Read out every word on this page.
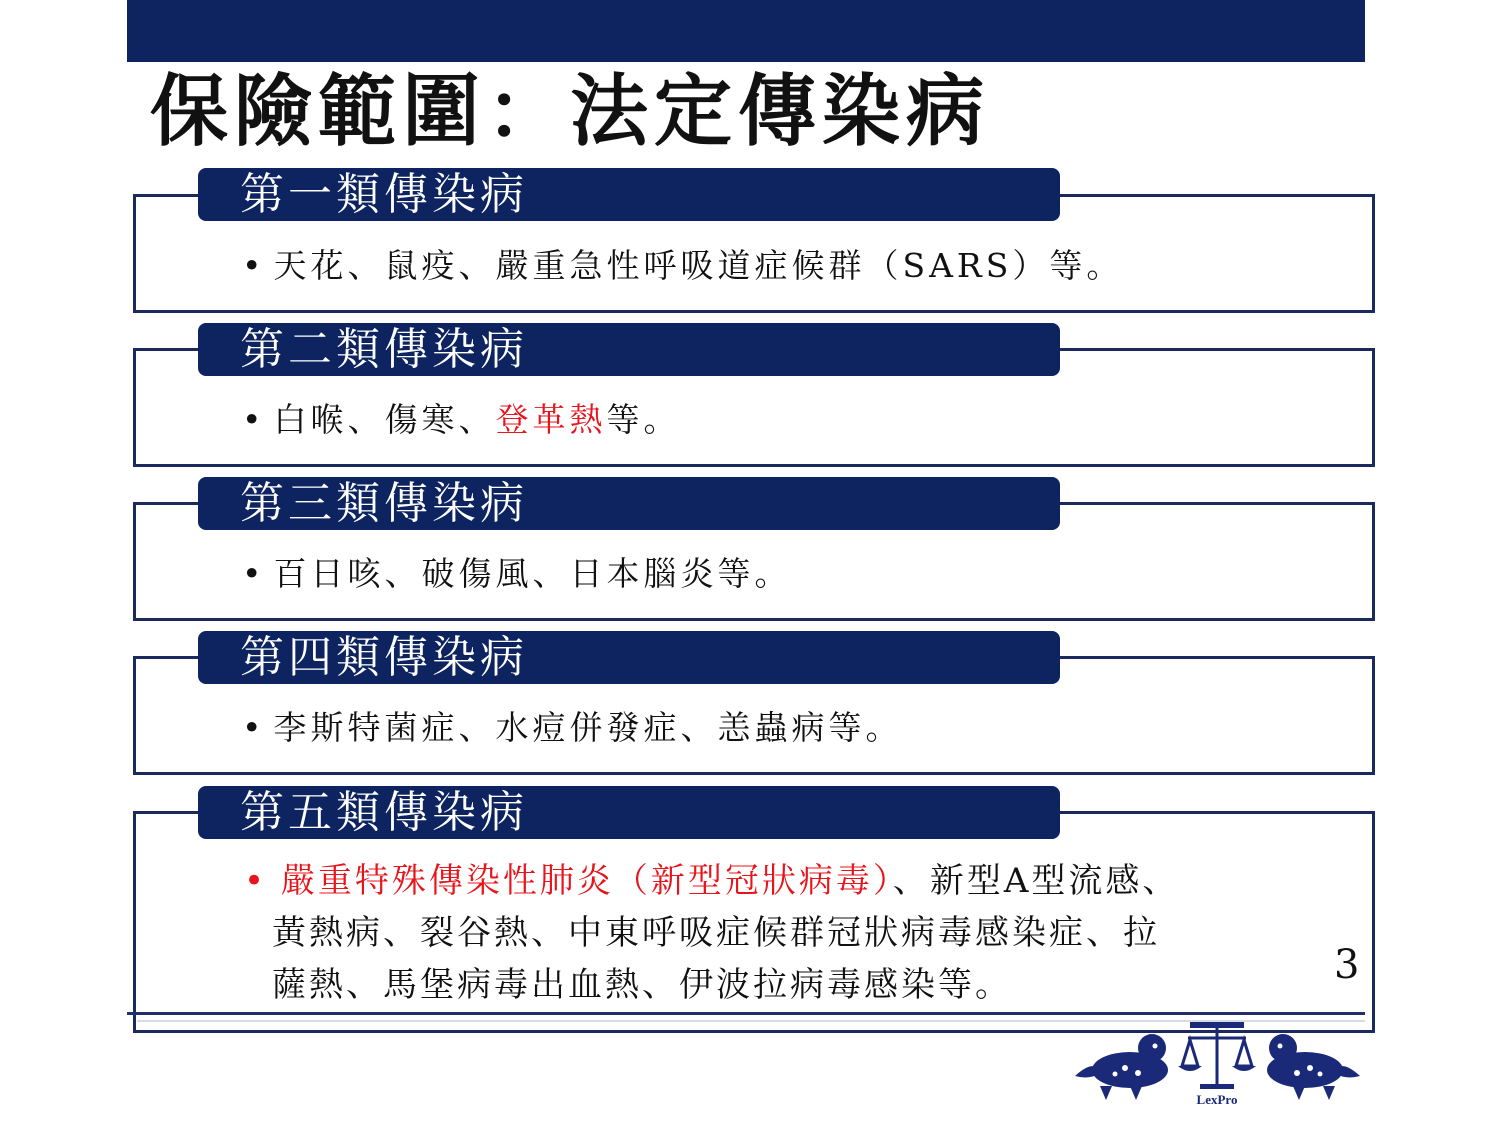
保險範圍：法定傳染病
第一類傳染病
• 天花、鼠疫、嚴重急性呼吸道症候群（SARS）等。
第二類傳染病
• 白喉、傷寒、登革熱等。
第三類傳染病
• 百日咳、破傷風、日本腦炎等。
第四類傳染病
• 李斯特菌症、水痘併發症、恙蟲病等。
第五類傳染病
• 嚴重特殊傳染性肺炎（新型冠狀病毒）、新型A型流感、
黃熱病、裂谷熱、中東呼吸症候群冠狀病毒感染症、拉
薩熱、馬堡病毒出血熱、伊波拉病毒感染等。	3
LexPro
